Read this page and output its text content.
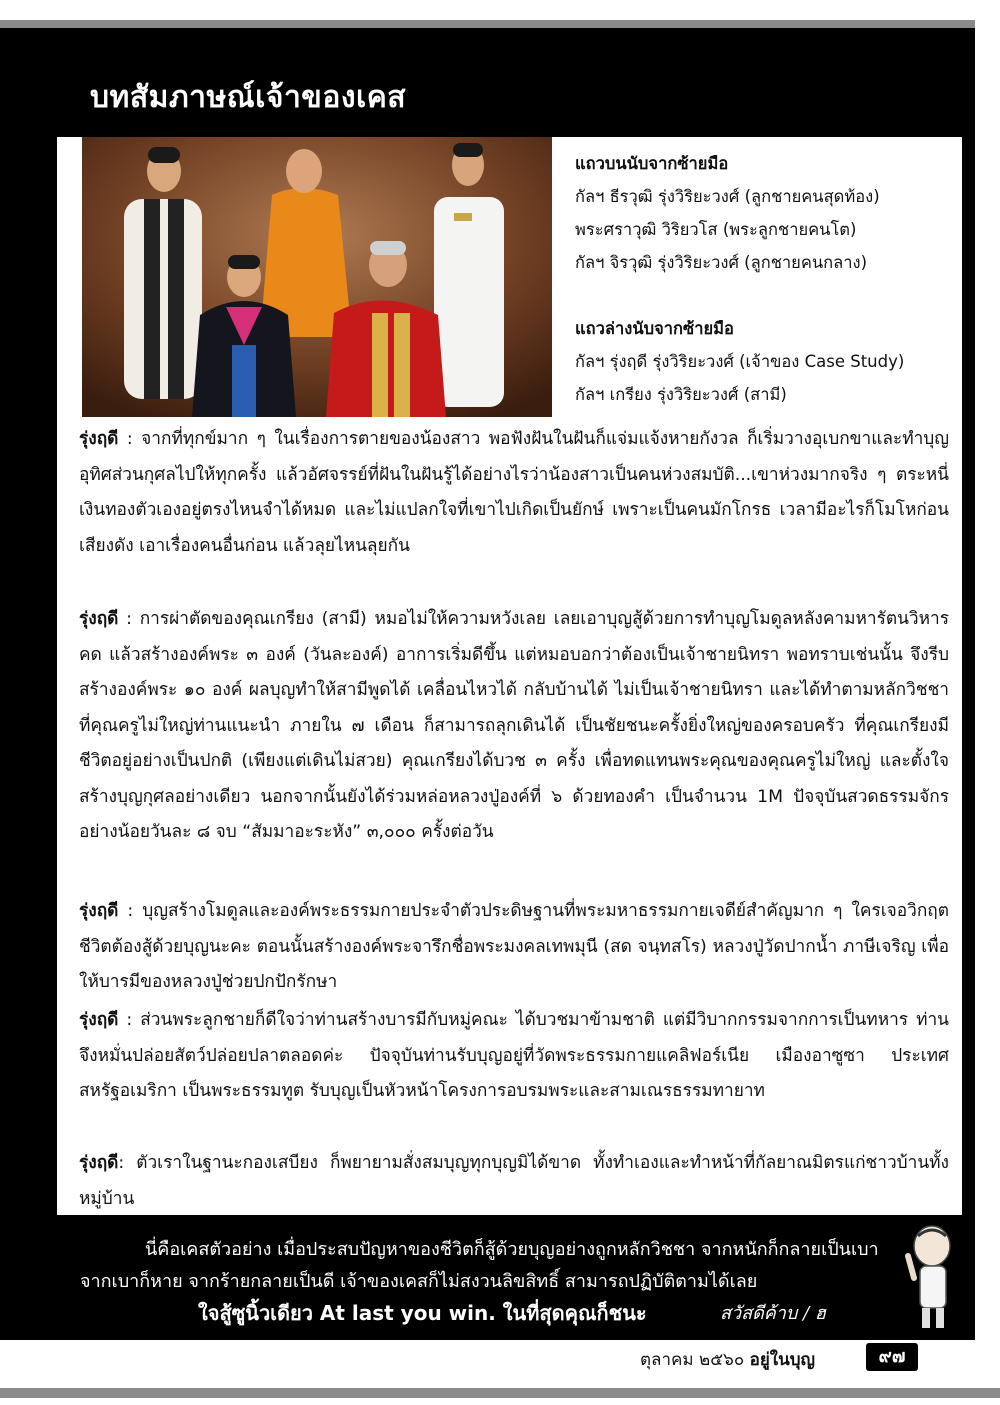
บทสัมภาษณ์เจ้าของเคส
แถวบนนับจากซ้ายมือ
กัลฯ ธีรวุฒิ รุ่งวิริยะวงศ์ (ลูกชายคนสุดท้อง)
พระศราวุฒิ วิริยวโส (พระลูกชายคนโต)
กัลฯ จิรวุฒิ รุ่งวิริยะวงศ์ (ลูกชายคนกลาง)
แถวล่างนับจากซ้ายมือ
กัลฯ รุ่งฤดี รุ่งวิริยะวงศ์ (เจ้าของ Case Study)
กัลฯ เกรียง รุ่งวิริยะวงศ์ (สามี)
รุ่งฤดี : จากที่ทุกข์มาก ๆ ในเรื่องการตายของน้องสาว พอฟังฝันในฝันก็แจ่มแจ้งหายกังวล ก็เริ่มวางอุเบกขาและทำบุญอุทิศส่วนกุศลไปให้ทุกครั้ง แล้วอัศจรรย์ที่ฝันในฝันรู้ได้อย่างไรว่าน้องสาวเป็นคนห่วงสมบัติ...เขาห่วงมากจริง ๆ ตระหนี่ เงินทองตัวเองอยู่ตรงไหนจำได้หมด และไม่แปลกใจที่เขาไปเกิดเป็นยักษ์ เพราะเป็นคนมักโกรธ เวลามีอะไรก็โมโหก่อน เสียงดัง เอาเรื่องคนอื่นก่อน แล้วลุยไหนลุยกัน
รุ่งฤดี : การผ่าตัดของคุณเกรียง (สามี) หมอไม่ให้ความหวังเลย เลยเอาบุญสู้ด้วยการทำบุญโมดูลหลังคามหารัตนวิหารคด แล้วสร้างองค์พระ ๓ องค์ (วันละองค์) อาการเริ่มดีขึ้น แต่หมอบอกว่าต้องเป็นเจ้าชายนิทรา พอทราบเช่นนั้น จึงรีบสร้างองค์พระ ๑๐ องค์ ผลบุญทำให้สามีพูดได้ เคลื่อนไหวได้ กลับบ้านได้ ไม่เป็นเจ้าชายนิทรา และได้ทำตามหลักวิชชาที่คุณครูไม่ใหญ่ท่านแนะนำ ภายใน ๗ เดือน ก็สามารถลุกเดินได้ เป็นชัยชนะครั้งยิ่งใหญ่ของครอบครัว ที่คุณเกรียงมีชีวิตอยู่อย่างเป็นปกติ (เพียงแต่เดินไม่สวย) คุณเกรียงได้บวช ๓ ครั้ง เพื่อทดแทนพระคุณของคุณครูไม่ใหญ่ และตั้งใจสร้างบุญกุศลอย่างเดียว นอกจากนั้นยังได้ร่วมหล่อหลวงปู่องค์ที่ ๖ ด้วยทองคำ เป็นจำนวน 1M ปัจจุบันสวดธรรมจักรอย่างน้อยวันละ ๘ จบ “สัมมาอะระหัง” ๓,๐๐๐ ครั้งต่อวัน
รุ่งฤดี : บุญสร้างโมดูลและองค์พระธรรมกายประจำตัวประดิษฐานที่พระมหาธรรมกายเจดีย์สำคัญมาก ๆ ใครเจอวิกฤตชีวิตต้องสู้ด้วยบุญนะคะ ตอนนั้นสร้างองค์พระจารึกชื่อพระมงคลเทพมุนี (สด จนฺทสโร) หลวงปู่วัดปากน้ำ ภาษีเจริญ เพื่อให้บารมีของหลวงปู่ช่วยปกปักรักษา
รุ่งฤดี : ส่วนพระลูกชายก็ดีใจว่าท่านสร้างบารมีกับหมู่คณะ ได้บวชมาข้ามชาติ แต่มีวิบากกรรมจากการเป็นทหาร ท่านจึงหมั่นปล่อยสัตว์ปล่อยปลาตลอดค่ะ ปัจจุบันท่านรับบุญอยู่ที่วัดพระธรรมกายแคลิฟอร์เนีย เมืองอาซูซา ประเทศสหรัฐอเมริกา เป็นพระธรรมทูต รับบุญเป็นหัวหน้าโครงการอบรมพระและสามเณรธรรมทายาท
รุ่งฤดี: ตัวเราในฐานะกองเสบียง ก็พยายามสั่งสมบุญทุกบุญมิได้ขาด ทั้งทำเองและทำหน้าที่กัลยาณมิตรแก่ชาวบ้านทั้งหมู่บ้าน
นี่คือเคสตัวอย่าง เมื่อประสบปัญหาของชีวิตก็สู้ด้วยบุญอย่างถูกหลักวิชชา จากหนักก็กลายเป็นเบา
จากเบาก็หาย จากร้ายกลายเป็นดี เจ้าของเคสก็ไม่สงวนลิขสิทธิ์ สามารถปฏิบัติตามได้เลย
ใจสู้ซูนิ้วเดียว At last you win. ในที่สุดคุณก็ชนะ	สวัสดีค้าบ / ฮ
ตุลาคม ๒๕๖๐ อยู่ในบุญ	๙๗
